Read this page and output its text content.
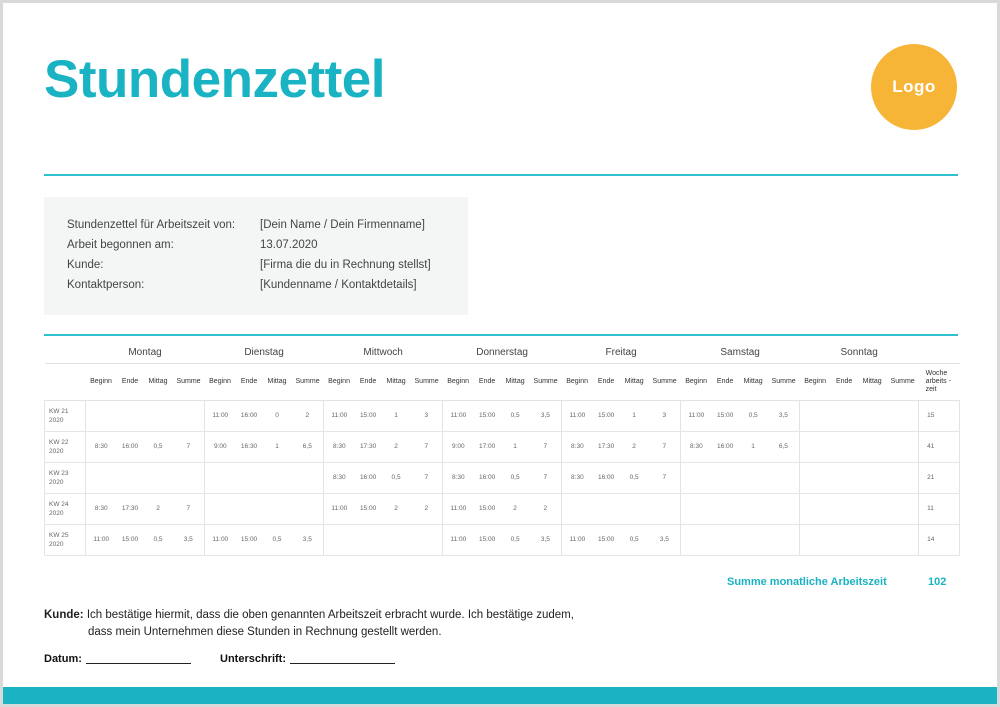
Stundenzettel	Logo
Stundenzettel für Arbeitszeit von:	[Dein Name / Dein Firmenname]
Arbeit begonnen am:	13.07.2020
Kunde:	[Firma die du in Rechnung stellst]
Kontaktperson:	[Kundenname / Kontaktdetails]
	Montag				Dienstag				Mittwoch				Donnerstag				Freitag				Samstag				Sonntag				
	Beginn	Ende	Mittag	Summe	Beginn	Ende	Mittag	Summe	Beginn	Ende	Mittag	Summe	Beginn	Ende	Mittag	Summe	Beginn	Ende	Mittag	Summe	Beginn	Ende	Mittag	Summe	Beginn	Ende	Mittag	Summe	Woche arbeits -zeit
KW 21 2020					11:00	16:00	0	2	11:00	15:00	1	3	11:00	15:00	0,5	3,5	11:00	15:00	1	3	11:00	15:00	0,5	3,5					15
KW 22 2020	8:30	16:00	0,5	7	9:00	16:30	1	6,5	8:30	17:30	2	7	9:00	17:00	1	7	8:30	17:30	2	7	8:30	16:00	1	6,5					41
KW 23 2020									8:30	16:00	0,5	7	8:30	16:00	0,5	7	8:30	16:00	0,5	7									21
KW 24 2020	8:30	17:30	2	7					11:00	15:00	2	2	11:00	15:00	2	2													11
KW 25 2020	11:00	15:00	0,5	3,5	11:00	15:00	0,5	3,5					11:00	15:00	0,5	3,5	11:00	15:00	0,5	3,5									14
Summe monatliche Arbeitszeit	102
Kunde: Ich bestätige hiermit, dass die oben genannten Arbeitszeit erbracht wurde. Ich bestätige zudem,
dass mein Unternehmen diese Stunden in Rechnung gestellt werden.
Datum:	Unterschrift:
